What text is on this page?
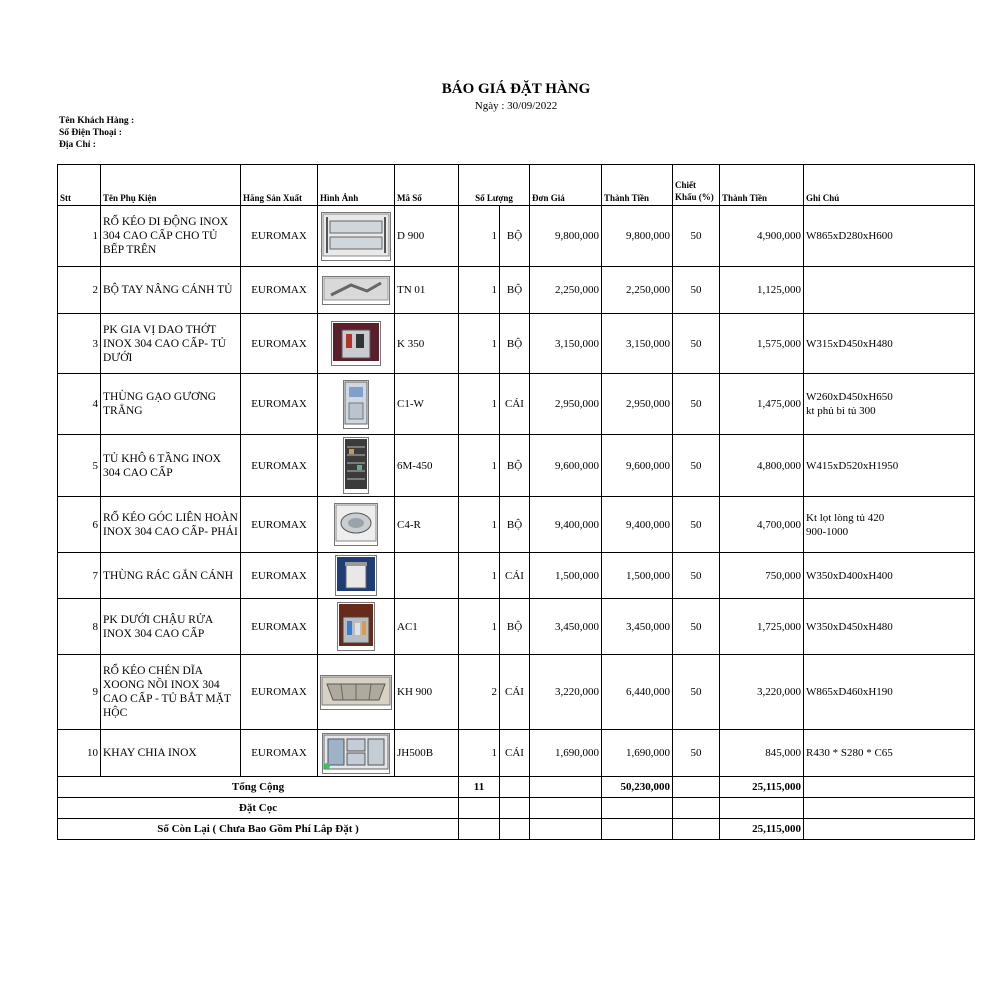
BÁO GIÁ ĐẶT HÀNG
Ngày : 30/09/2022
Tên Khách Hàng :
Số Điện Thoại :
Địa Chỉ :
Stt	Tên Phụ Kiện	Hãng Sản Xuất	Hình Ảnh	Mã Số	Số Lượng		Đơn Giá	Thành Tiền	Chiết Khấu (%)	Thành Tiền	Ghi Chú
1	RỔ KÉO DI ĐỘNG INOX 304 CAO CẤP CHO TỦ BẾP TRÊN	EUROMAX		D 900	1	BỘ	9,800,000	9,800,000	50	4,900,000	W865xD280xH600
2	BỘ TAY NÂNG CÁNH TỦ	EUROMAX		TN 01	1	BỘ	2,250,000	2,250,000	50	1,125,000	
3	PK GIA VỊ DAO THỚT INOX 304 CAO CẤP- TỦ DƯỚI	EUROMAX		K 350	1	BỘ	3,150,000	3,150,000	50	1,575,000	W315xD450xH480
4	THÙNG GẠO GƯƠNG TRẮNG	EUROMAX		C1-W	1	CÁI	2,950,000	2,950,000	50	1,475,000	W260xD450xH650
kt phủ bì tủ 300
5	TỦ KHÔ 6 TẦNG INOX 304 CAO CẤP	EUROMAX		6M-450	1	BỘ	9,600,000	9,600,000	50	4,800,000	W415xD520xH1950
6	RỔ KÉO GÓC LIÊN HOÀN INOX 304 CAO CẤP- PHẢI	EUROMAX		C4-R	1	BỘ	9,400,000	9,400,000	50	4,700,000	Kt lọt lòng tủ 420
900-1000
7	THÙNG RÁC GẮN CÁNH	EUROMAX			1	CÁI	1,500,000	1,500,000	50	750,000	W350xD400xH400
8	PK DƯỚI CHẬU RỬA INOX 304 CAO CẤP	EUROMAX		AC1	1	BỘ	3,450,000	3,450,000	50	1,725,000	W350xD450xH480
9	RỔ KÉO CHÉN DĨA XOONG NỒI INOX 304 CAO CẤP - TỦ BẮT MẶT HỘC	EUROMAX		KH 900	2	CÁI	3,220,000	6,440,000	50	3,220,000	W865xD460xH190
10	KHAY CHIA INOX	EUROMAX		JH500B	1	CÁI	1,690,000	1,690,000	50	845,000	R430 * S280 * C65
Tổng Cộng					11			50,230,000		25,115,000	
Đặt Cọc											
Số Còn Lại ( Chưa Bao Gồm Phí Lắp Đặt )										25,115,000	
